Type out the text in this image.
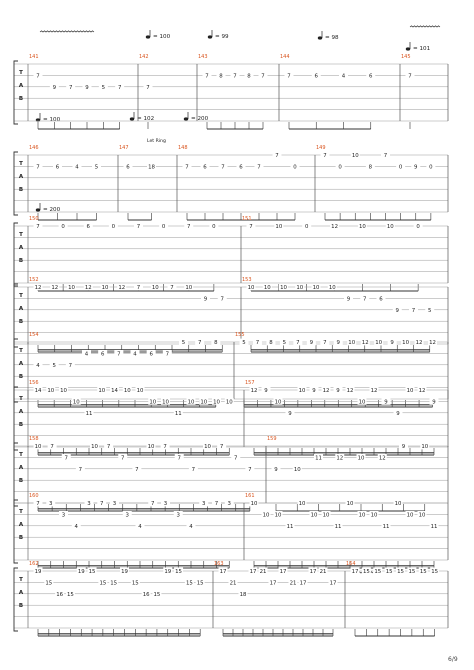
= 100	= 99	= 98
= 101
= 100	= 102	= 200
= 200
T
A
B
141
7
9 7 9 5 7
142
7
143
7 8 7 8 7
144
7	6	4	6
145
7
T
A
B
146
7	6	4	5
147
6	18
148
7	6	7	6	7
7
0
149
7
0
10
8
7
0 9 0
T
A
B
150
7	0	6	0	7	0	7	0
151
7	10	0	12	10	10	0
T
A
B
152
12 12 10 12 10 12 7 10 7 10
9 7
153
10 10 10 10 10 10
9 7 6
9 7 5
T
A
B
154
4 5 7
4 6 7 4 6 7
5 7 8
155
5 7 8 5 7 9 7 9 10 12 10 9 10 12 12
T
A
B
156
14 10 10
10
11
10 14 10 10
10 10
11
10 10 10 10
157
12 9
10
9
10 9 12 9 12
10
12
9
9
10 12
9
T
A
B
158
10 7
7
7
10 7
7
7
10 7
7
7
10 7
7
7
159
9	10
11	12	10	12
9	10
T
A
B
160
7 3
3
4
3 7 3
3
4
7 3
3
4
3 7 3
161
10
10 10
11
10
10 10
11
10
10 10
11
10
10 10
11
T
A
B
162
19
15
16 15
19 15
15 15
19
15
16 15
19 15
15 15
163
17
21
18
17 21
17
17
21 17
17 21
17
164
17 15 15 15 15 15 15 15
Let Ring
6/9
